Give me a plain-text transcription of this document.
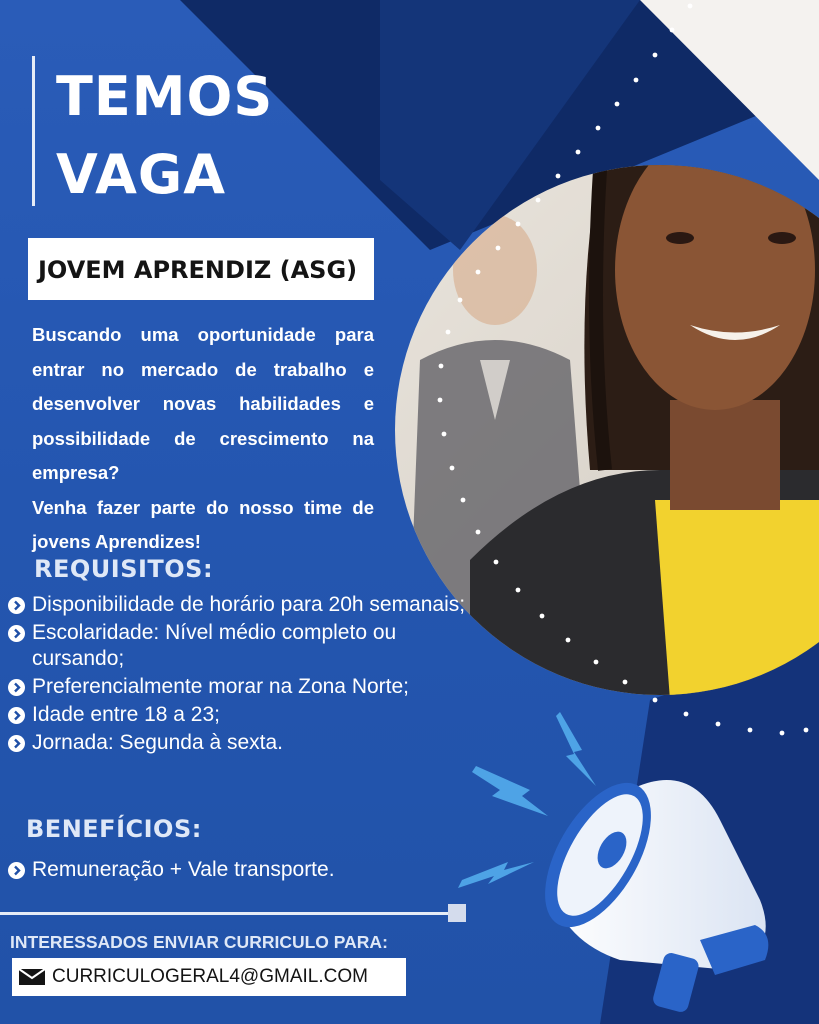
TEMOS
VAGA
JOVEM APRENDIZ (ASG)

Buscando uma oportunidade para entrar no mercado de trabalho e desenvolver novas habilidades e possibilidade de crescimento na empresa?

Venha fazer parte do nosso time de jovens Aprendizes!

REQUISITOS:
Disponibilidade de horário para 20h semanais;
Escolaridade: Nível médio completo ou cursando;
Preferencialmente morar na Zona Norte;
Idade entre 18 a 23;
Jornada: Segunda à sexta.
BENEFÍCIOS:
Remuneração + Vale transporte.
INTERESSADOS ENVIAR CURRICULO PARA:
CURRICULOGERAL4@GMAIL.COM
